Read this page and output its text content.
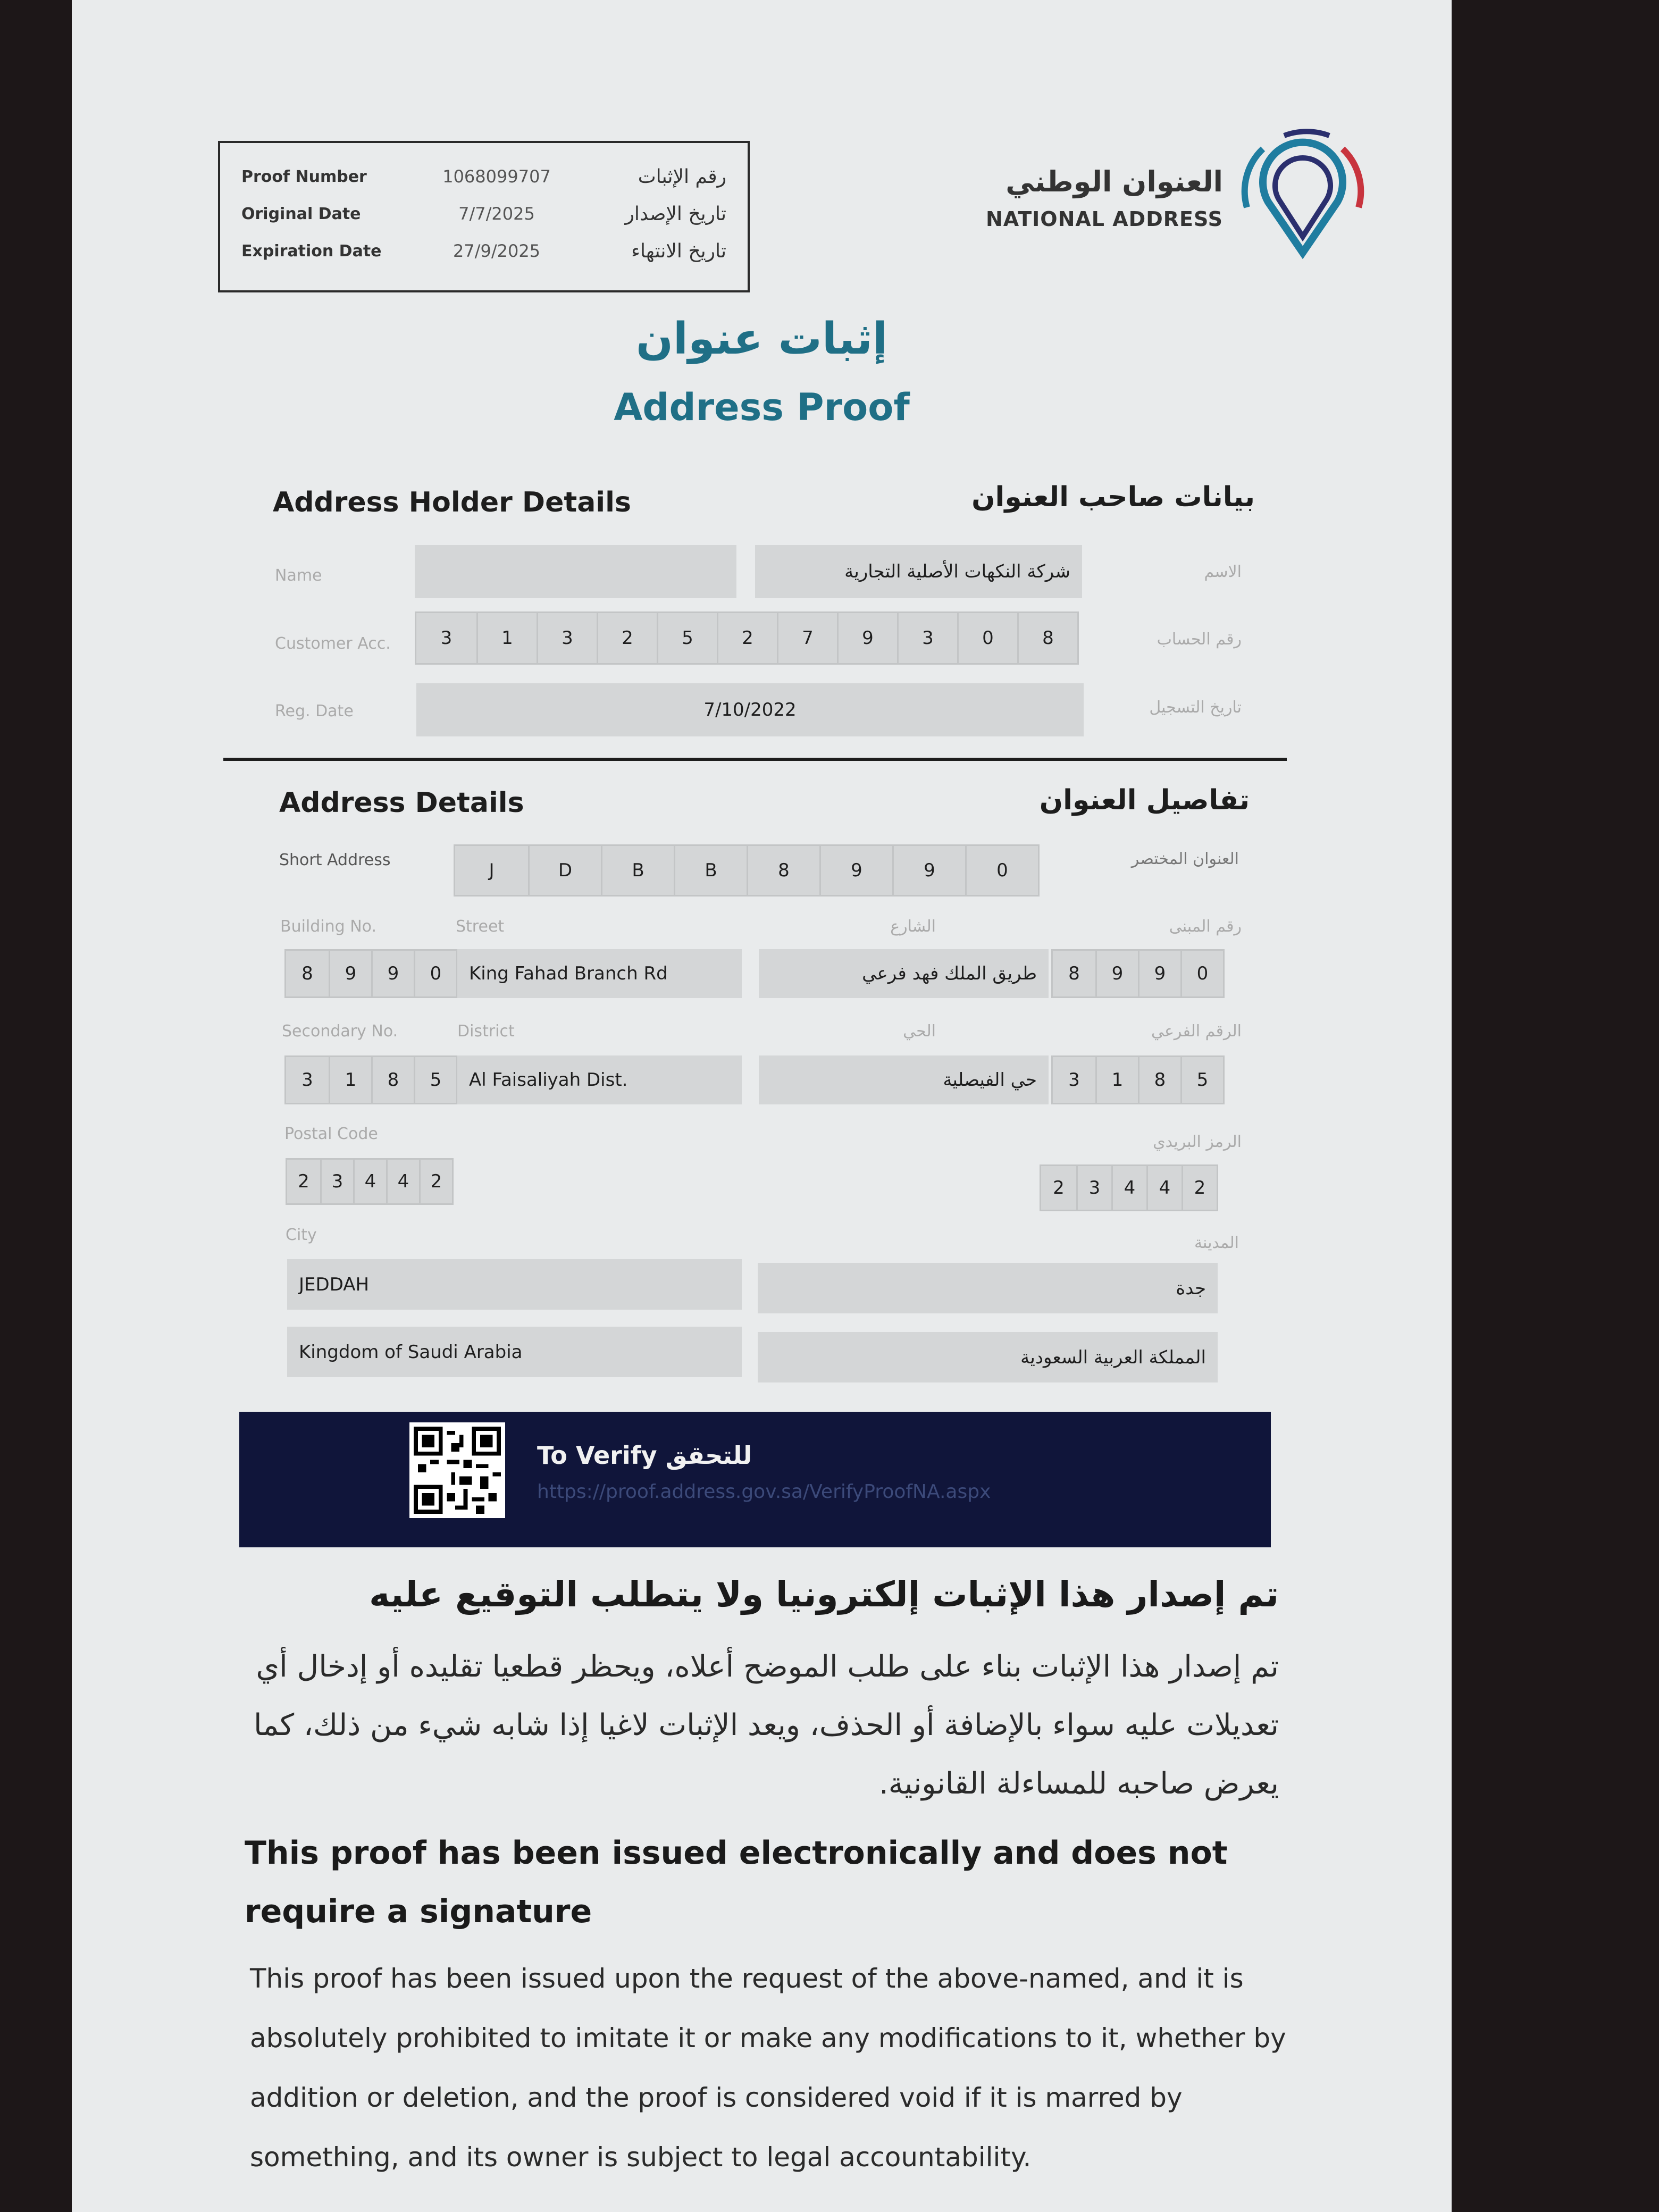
Proof Number	1068099707	رقم الإثبات
Original Date	7/7/2025	تاريخ الإصدار
Expiration Date	27/9/2025	تاريخ الانتهاء
العنوان الوطني
NATIONAL ADDRESS
إثبات عنوان
Address Proof
Address Holder Details	بيانات صاحب العنوان
Name	شركة النكهات الأصلية التجارية	الاسم
Customer Acc.	3	1	3	2	5	2	7	9	3	0	8	رقم الحساب
Reg. Date	7/10/2022	تاريخ التسجيل
Address Details	تفاصيل العنوان
Short Address	J	D	B	B	8	9	9	0
العنوان المختصر
Building No.	Street	الشارع	رقم المبنى
8	9	9	0	King Fahad Branch Rd	طريق الملك فهد فرعي	8	9	9	0
Secondary No.	District	الحي	الرقم الفرعي
3	1	8	5	Al Faisaliyah Dist.	حي الفيصلية	3	1	8	5
Postal Code	الرمز البريدي
2	3	4	4	2	2	3	4	4	2
City	المدينة
JEDDAH	جدة
Kingdom of Saudi Arabia	المملكة العربية السعودية
To Verify للتحقق
https://proof.address.gov.sa/VerifyProofNA.aspx
تم إصدار هذا الإثبات إلكترونيا ولا يتطلب التوقيع عليه
تم إصدار هذا الإثبات بناء على طلب الموضح أعلاه، ويحظر قطعيا تقليده أو إدخال أي تعديلات عليه سواء بالإضافة أو الحذف، ويعد الإثبات لاغيا إذا شابه شيء من ذلك، كما يعرض صاحبه للمساءلة القانونية.
This proof has been issued electronically and does not require a signature
This proof has been issued upon the request of the above-named, and it is absolutely prohibited to imitate it or make any modifications to it, whether by addition or deletion, and the proof is considered void if it is marred by something, and its owner is subject to legal accountability.
